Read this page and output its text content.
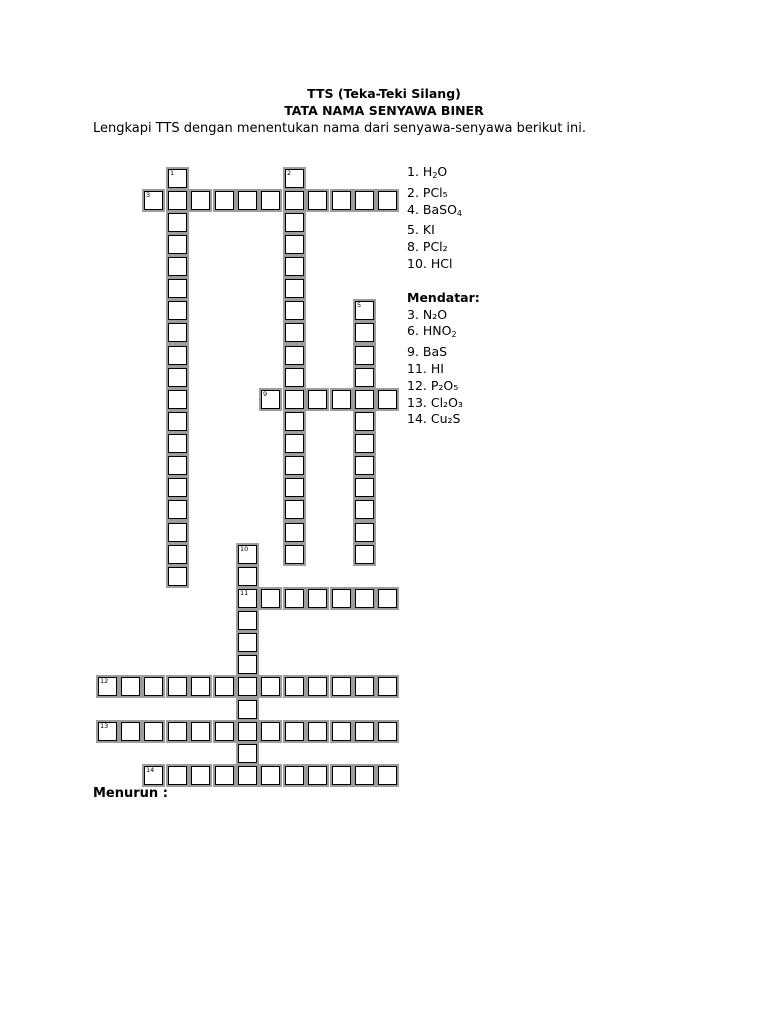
TTS (Teka-Teki Silang)
TATA NAMA SENYAWA BINER
Lengkapi TTS dengan menentukan nama dari senyawa-senyawa berikut ini.
1	2
3
5
9
10
11
12
13
14
1. $H_2O$
2. PCl₅
4. BaSO$_4$
5. KI
8. PCl₂
10. HCl
Mendatar:
3. N₂O
6. $HNO_2$
9. BaS
11. HI
12. P₂O₅
13. Cl₂O₃
14. Cu₂S
Menurun :
